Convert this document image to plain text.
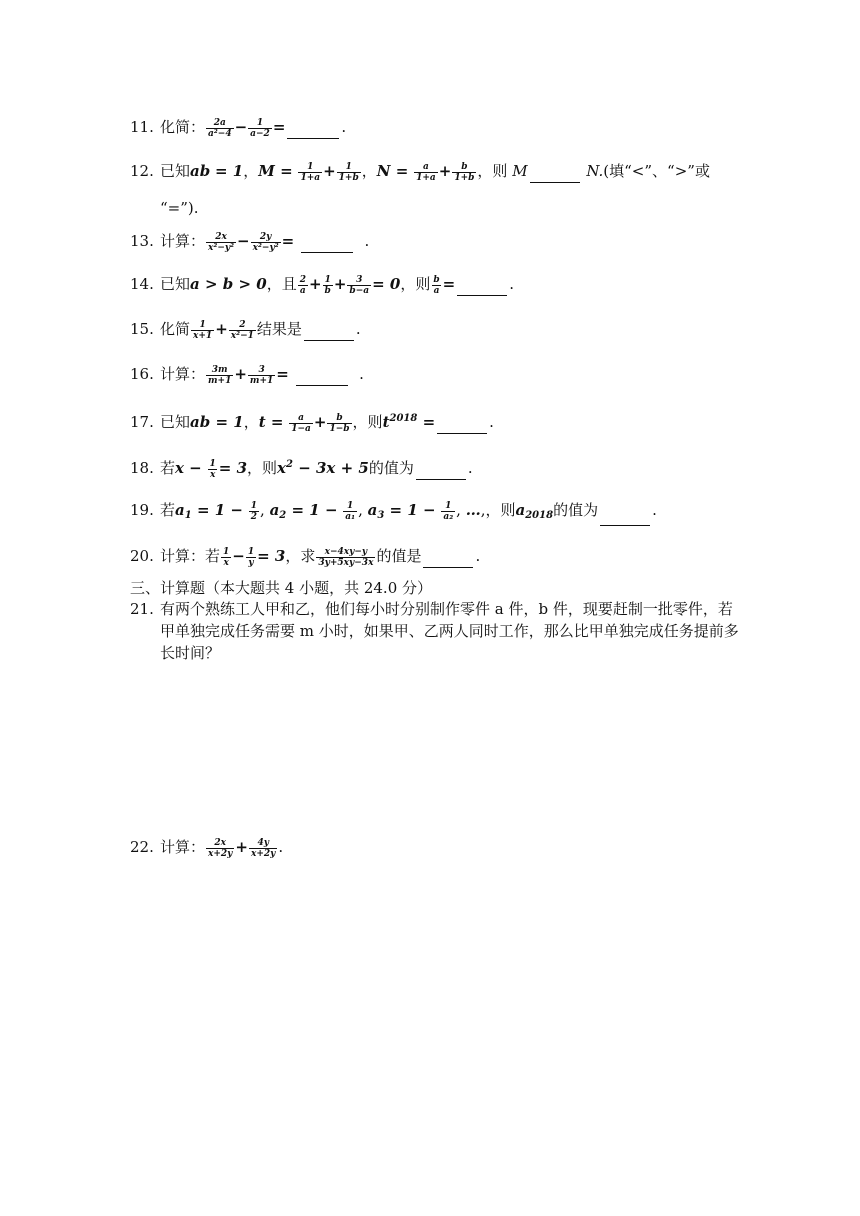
11. 化简： $\frac{2a}{\text{a²−4}} - \frac{1}{a-2}$ =	.
12. 已知ab = 1，$M = \frac{1}{1+a} + \frac{1}{1+b}$ ，$N = \frac{a}{1+a} + \frac{b}{1+b}$ ，则 M	N.(填“<”、“>”或
“=”).
13. 计算： $\frac{2x}{\text{x²−y²}} - \frac{2y}{\text{x²−y²}}$ =	.
14. 已知a > b > 0，且 $\frac{2}{a} + \frac{1}{b} + \frac{3}{b-a} = 0$，则 $\frac{b}{a}$ =	.
15. 化简 $\frac{1}{x+1} + \frac{2}{\text{x²−1}}$ 结果是	.
16. 计算： $\frac{3m}{m+1} + \frac{3}{m+1}$ =	.
17. 已知ab = 1，$t = \frac{a}{1-a} + \frac{b}{1-b}$ ，则$t^{2018}$ =	.
18. 若$x - \frac{1}{x} = 3$，则$x^2 - 3x + 5$的值为	.
19. 若$a_1 = 1 - \frac{1}{2}$ , $a_2 = 1 - \frac{1}{\text{a₁}}$ , $a_3 = 1 - \frac{1}{\text{a₂}}$ , …,，则$a_{2018}$的值为	.
20. 计算：若 $\frac{1}{x} - \frac{1}{y} = 3$，求 $\frac{x-4xy-y}{3y+5xy-3x}$ 的值是	.
三、计算题（本大题共 4 小题，共 24.0 分）
21. 有两个熟练工人甲和乙，他们每小时分别制作零件 a 件，b 件，现要赶制一批零件，若甲单独完成任务需要 m 小时，如果甲、乙两人同时工作，那么比甲单独完成任务提前多长时间？
22. 计算： $\frac{2x}{x+2y} + \frac{4y}{x+2y}$ .
